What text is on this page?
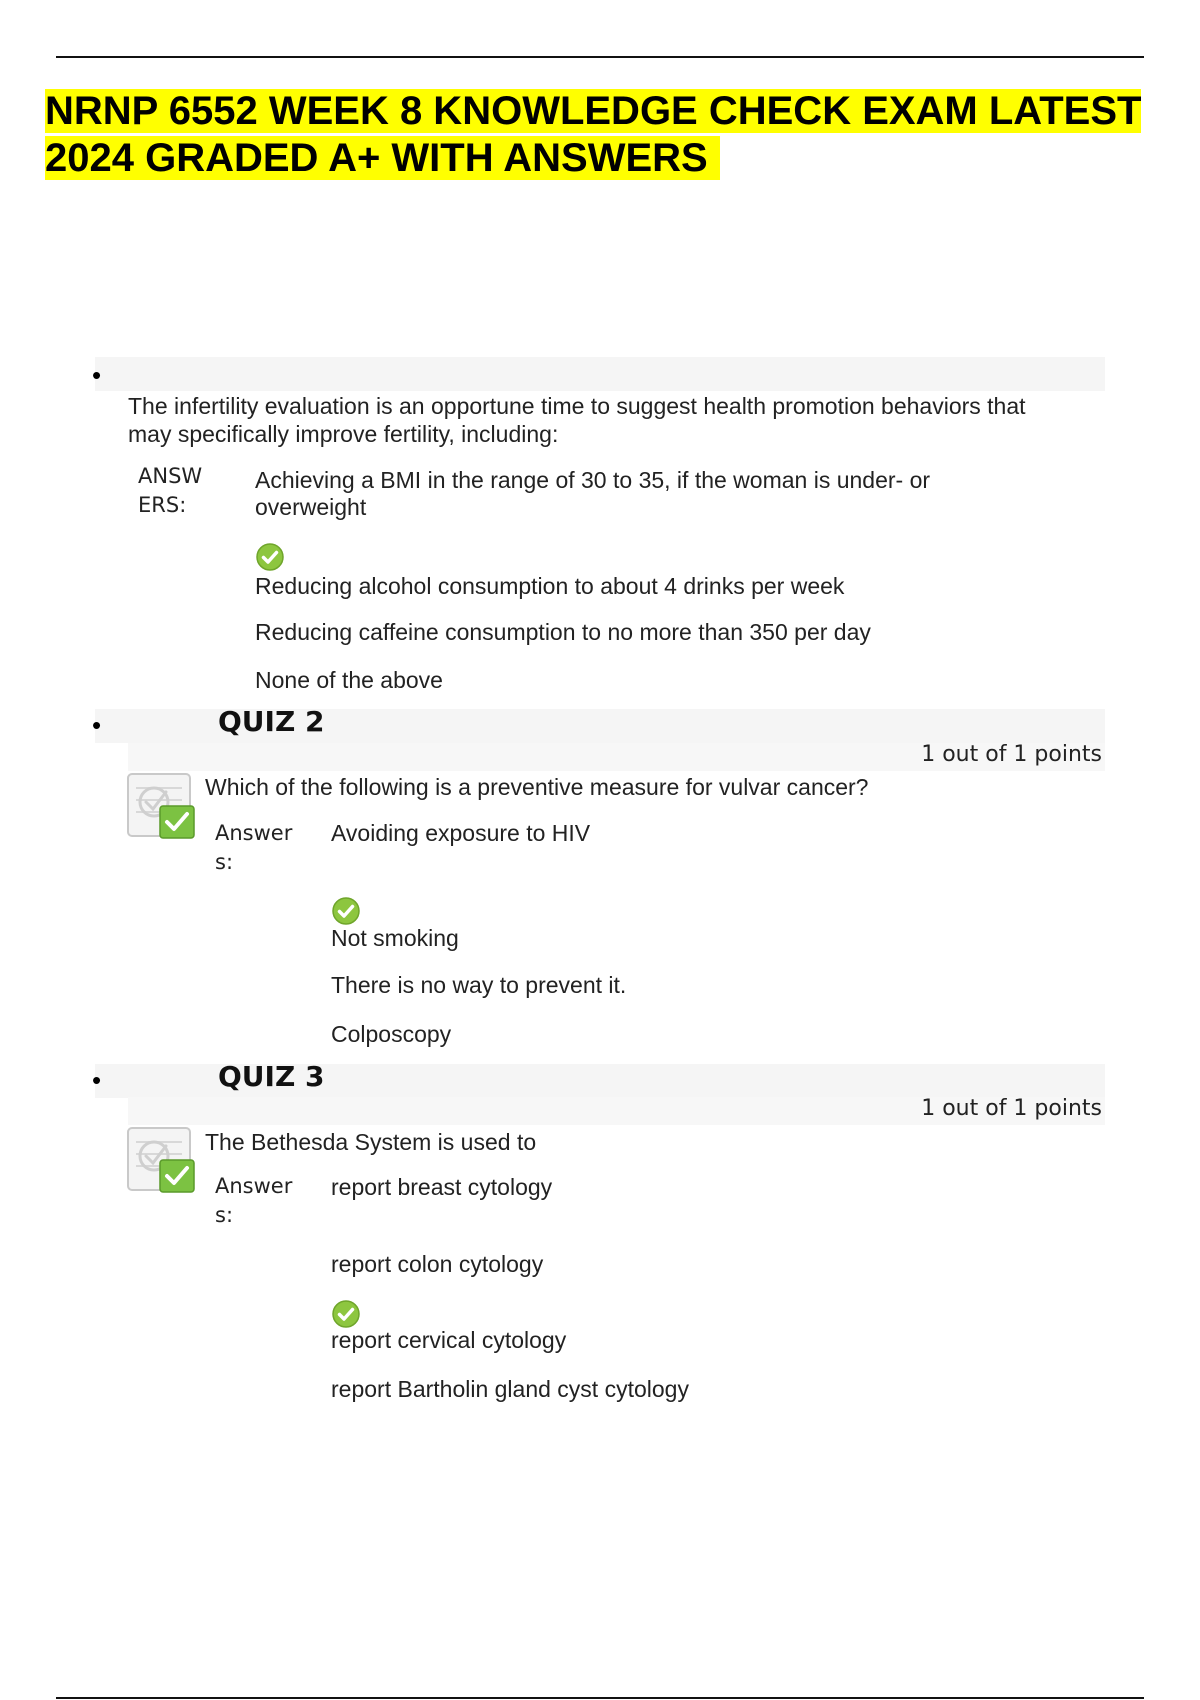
NRNP 6552 WEEK 8 KNOWLEDGE CHECK EXAM LATEST 2024 GRADED A+ WITH ANSWERS
•

The infertility evaluation is an opportune time to suggest health promotion behaviors that may specifically improve fertility, including:

ANSWERS:

Achieving a BMI in the range of 30 to 35, if the woman is under- or overweight

Reducing alcohol consumption to about 4 drinks per week

Reducing caffeine consumption to no more than 350 per day

None of the above

•	QUIZ 2
1 out of 1 points

Which of the following is a preventive measure for vulvar cancer?

Answers:

Avoiding exposure to HIV

Not smoking

There is no way to prevent it.

Colposcopy

•	QUIZ 3
1 out of 1 points

The Bethesda System is used to

Answers:

report breast cytology

report colon cytology

report cervical cytology

report Bartholin gland cyst cytology
